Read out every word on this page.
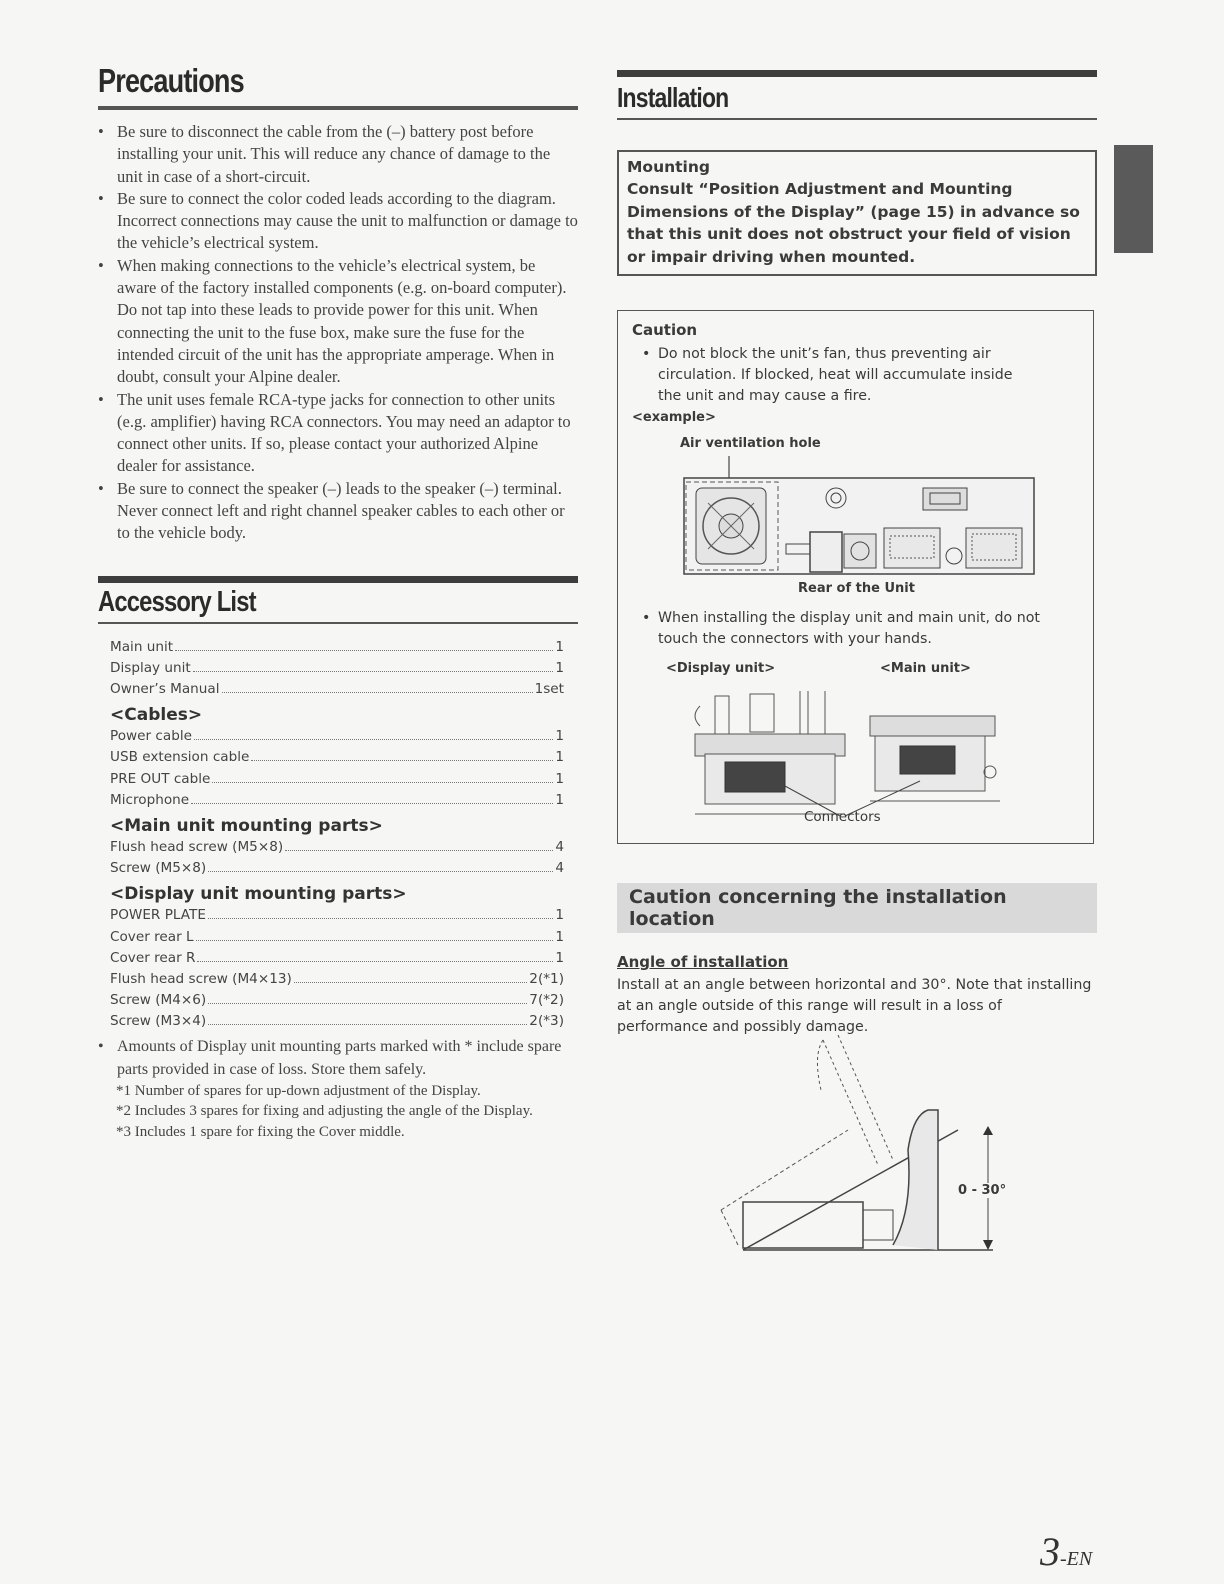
Precautions
• Be sure to disconnect the cable from the (–) battery post before installing your unit. This will reduce any chance of damage to the unit in case of a short-circuit.
• Be sure to connect the color coded leads according to the diagram. Incorrect connections may cause the unit to malfunction or damage to the vehicle’s electrical system.
• When making connections to the vehicle’s electrical system, be aware of the factory installed components (e.g. on-board computer). Do not tap into these leads to provide power for this unit. When connecting the unit to the fuse box, make sure the fuse for the intended circuit of the unit has the appropriate amperage. When in doubt, consult your Alpine dealer.
• The unit uses female RCA-type jacks for connection to other units (e.g. amplifier) having RCA connectors. You may need an adaptor to connect other units. If so, please contact your authorized Alpine dealer for assistance.
• Be sure to connect the speaker (–) leads to the speaker (–) terminal. Never connect left and right channel speaker cables to each other or to the vehicle body.
Accessory List
Main unit	1
Display unit	1
Owner’s Manual	1set
<Cables>
Power cable	1
USB extension cable	1
PRE OUT cable	1
Microphone	1
<Main unit mounting parts>
Flush head screw (M5×8)	4
Screw (M5×8)	4
<Display unit mounting parts>
POWER PLATE	1
Cover rear L	1
Cover rear R	1
Flush head screw (M4×13)	2(*1)
Screw (M4×6)	7(*2)
Screw (M3×4)	2(*3)
• Amounts of Display unit mounting parts marked with * include spare parts provided in case of loss. Store them safely.
*1 Number of spares for up-down adjustment of the Display.
*2 Includes 3 spares for fixing and adjusting the angle of the Display.
*3 Includes 1 spare for fixing the Cover middle.
Installation
Mounting
Consult “Position Adjustment and Mounting Dimensions of the Display” (page 15) in advance so that this unit does not obstruct your field of vision or impair driving when mounted.
Caution
• Do not block the unit’s fan, thus preventing air circulation. If blocked, heat will accumulate inside the unit and may cause a fire.
<example>
Air ventilation hole
Rear of the Unit
• When installing the display unit and main unit, do not touch the connectors with your hands.
<Display unit>	<Main unit>
Connectors
Caution concerning the installation location
Angle of installation
Install at an angle between horizontal and 30°. Note that installing at an angle outside of this range will result in a loss of performance and possibly damage.
0 - 30°
3-EN
